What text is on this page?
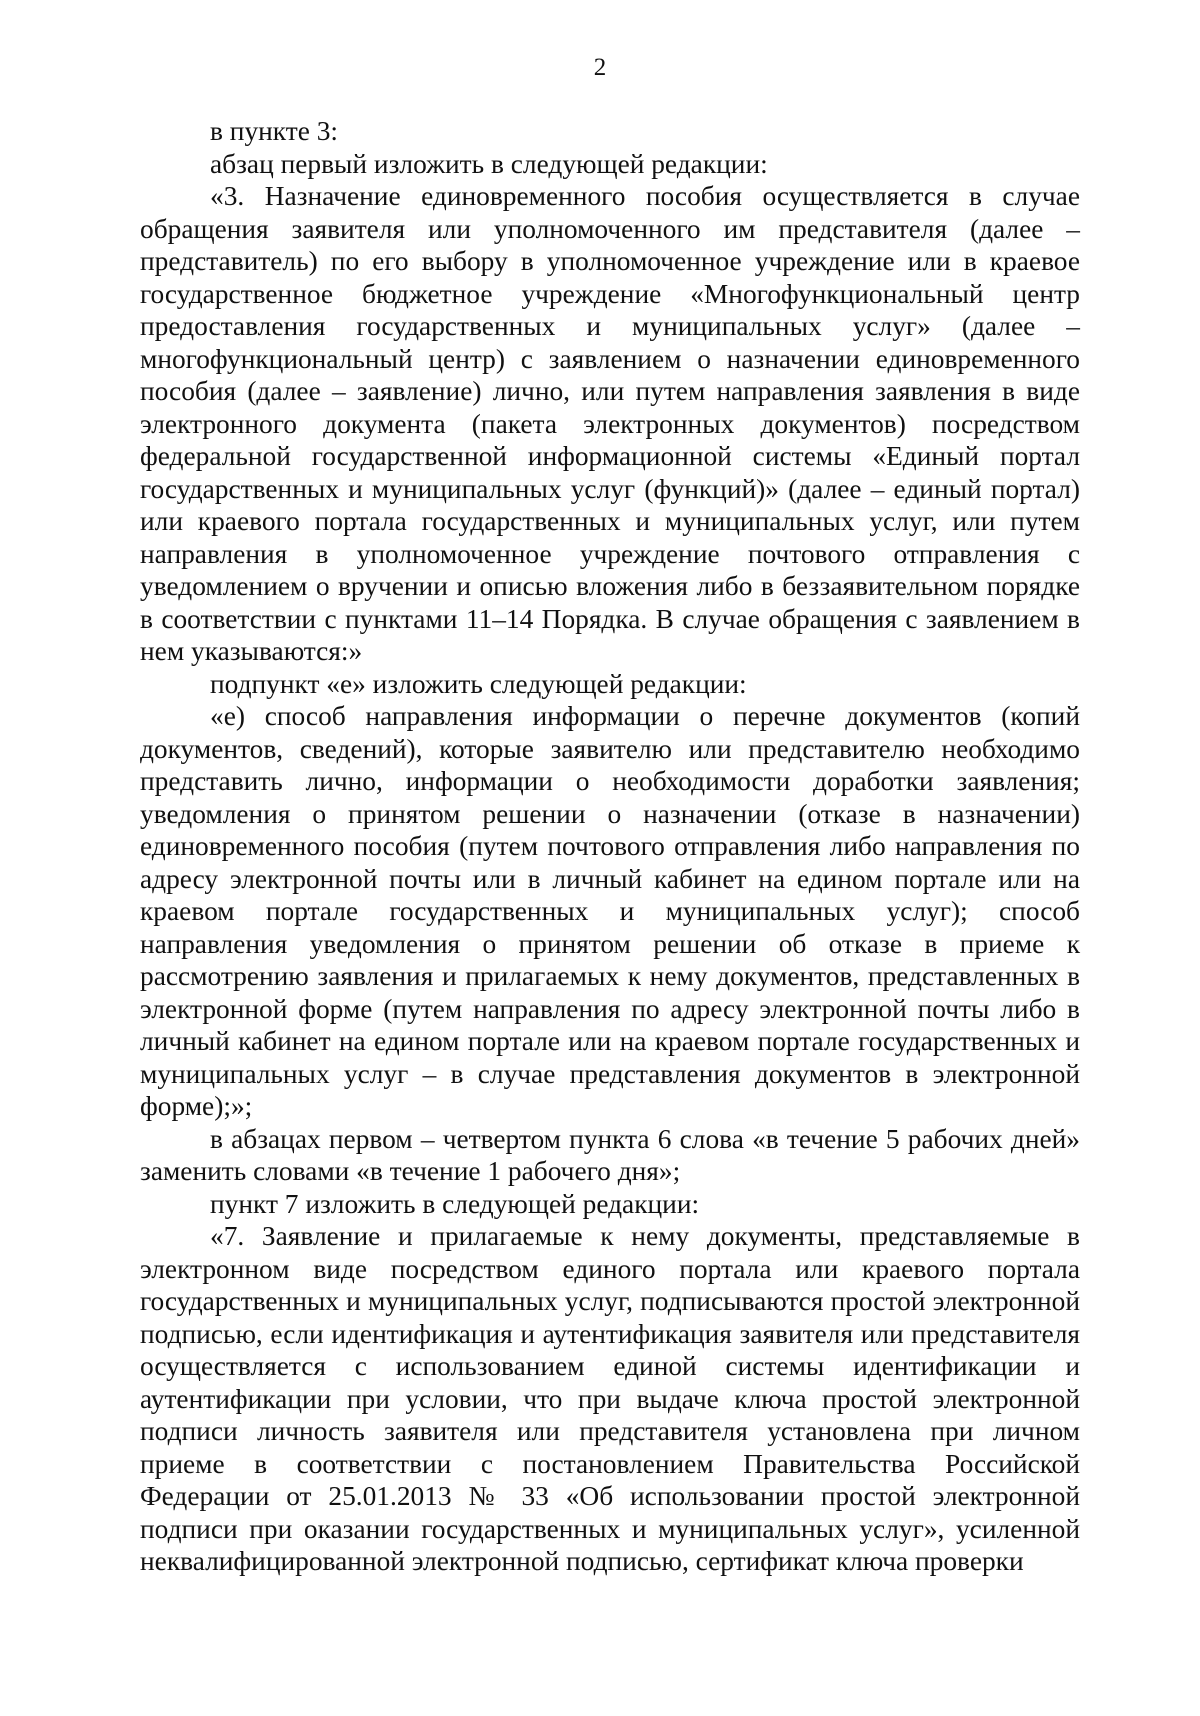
2

в пункте 3:

абзац первый изложить в следующей редакции:

«3. Назначение единовременного пособия осуществляется в случае обращения заявителя или уполномоченного им представителя (далее – представитель) по его выбору в уполномоченное учреждение или в краевое государственное бюджетное учреждение «Многофункциональный центр предоставления государственных и муниципальных услуг» (далее – многофункциональный центр) с заявлением о назначении единовременного пособия (далее – заявление) лично, или путем направления заявления в виде электронного документа (пакета электронных документов) посредством федеральной государственной информационной системы «Единый портал государственных и муниципальных услуг (функций)» (далее – единый портал) или краевого портала государственных и муниципальных услуг, или путем направления в уполномоченное учреждение почтового отправления с уведомлением о вручении и описью вложения либо в беззаявительном порядке в соответствии с пунктами 11–14 Порядка. В случае обращения с заявлением в нем указываются:»

подпункт «е» изложить следующей редакции:

«е) способ направления информации о перечне документов (копий документов, сведений), которые заявителю или представителю необходимо представить лично, информации о необходимости доработки заявления; уведомления о принятом решении о назначении (отказе в назначении) единовременного пособия (путем почтового отправления либо направления по адресу электронной почты или в личный кабинет на едином портале или на краевом портале государственных и муниципальных услуг); способ направления уведомления о принятом решении об отказе в приеме к рассмотрению заявления и прилагаемых к нему документов, представленных в электронной форме (путем направления по адресу электронной почты либо в личный кабинет на едином портале или на краевом портале государственных и муниципальных услуг – в случае представления документов в электронной форме);»;

в абзацах первом – четвертом пункта 6 слова «в течение 5 рабочих дней» заменить словами «в течение 1 рабочего дня»;

пункт 7 изложить в следующей редакции:

«7. Заявление и прилагаемые к нему документы, представляемые в электронном виде посредством единого портала или краевого портала государственных и муниципальных услуг, подписываются простой электронной подписью, если идентификация и аутентификация заявителя или представителя осуществляется с использованием единой системы идентификации и аутентификации при условии, что при выдаче ключа простой электронной подписи личность заявителя или представителя установлена при личном приеме в соответствии с постановлением Правительства Российской Федерации от 25.01.2013 № 33 «Об использовании простой электронной подписи при оказании государственных и муниципальных услуг», усиленной неквалифицированной электронной подписью, сертификат ключа проверки
